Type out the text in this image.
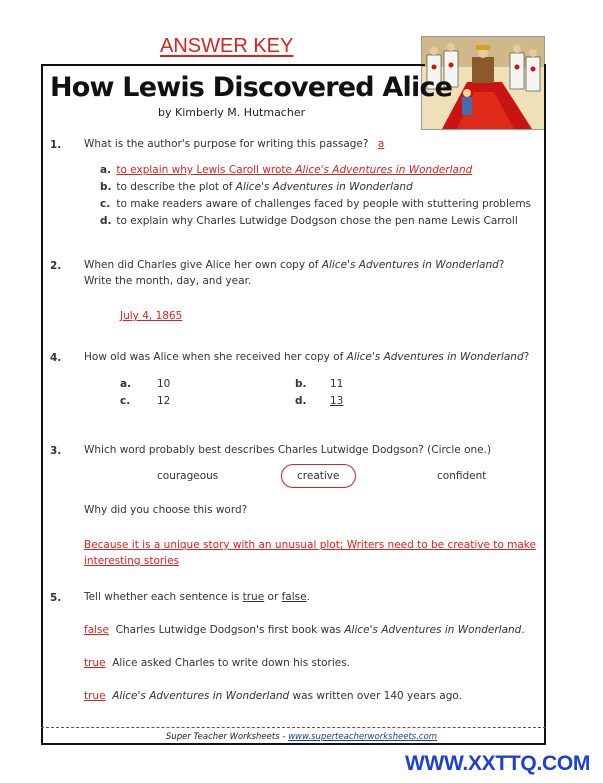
ANSWER KEY
How Lewis Discovered Alice
by Kimberly M. Hutmacher
1. What is the author's purpose for writing this passage? a
a. to explain why Lewis Caroll wrote Alice's Adventures in Wonderland
b. to describe the plot of Alice's Adventures in Wonderland
c. to make readers aware of challenges faced by people with stuttering problems
d. to explain why Charles Lutwidge Dodgson chose the pen name Lewis Carroll
2. When did Charles give Alice her own copy of Alice's Adventures in Wonderland?
Write the month, day, and year.
July 4, 1865
4. How old was Alice when she received her copy of Alice's Adventures in Wonderland?
a. 10	b. 11
c.	12	d. 13
3. Which word probably best describes Charles Lutwidge Dodgson? (Circle one.)
courageous	creative	confident
Why did you choose this word?
Because it is a unique story with an unusual plot; Writers need to be creative to make
interesting stories
5. Tell whether each sentence is true or false.
false Charles Lutwidge Dodgson's first book was Alice's Adventures in Wonderland.
true Alice asked Charles to write down his stories.
true Alice's Adventures in Wonderland was written over 140 years ago.
Super Teacher Worksheets - www.superteacherworksheets.com
WWW.XXTTQ.COM
